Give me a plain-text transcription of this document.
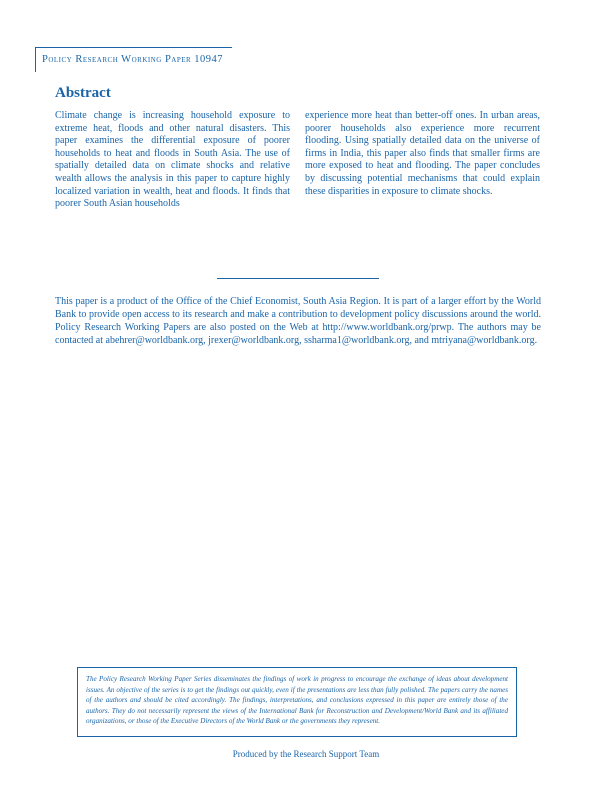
Policy Research Working Paper 10947
Abstract

Climate change is increasing household exposure to extreme heat, floods and other natural disasters. This paper examines the differential exposure of poorer households to heat and floods in South Asia. The use of spatially detailed data on climate shocks and relative wealth allows the analysis in this paper to capture highly localized variation in wealth, heat and floods. It finds that poorer South Asian households

experience more heat than better-off ones. In urban areas, poorer households also experience more recurrent flooding. Using spatially detailed data on the universe of firms in India, this paper also finds that smaller firms are more exposed to heat and flooding. The paper concludes by discussing potential mechanisms that could explain these disparities in exposure to climate shocks.

This paper is a product of the Office of the Chief Economist, South Asia Region. It is part of a larger effort by the World Bank to provide open access to its research and make a contribution to development policy discussions around the world. Policy Research Working Papers are also posted on the Web at http://www.worldbank.org/prwp. The authors may be contacted at abehrer@worldbank.org, jrexer@worldbank.org, ssharma1@worldbank.org, and mtriyana@worldbank.org.

The Policy Research Working Paper Series disseminates the findings of work in progress to encourage the exchange of ideas about development issues. An objective of the series is to get the findings out quickly, even if the presentations are less than fully polished. The papers carry the names of the authors and should be cited accordingly. The findings, interpretations, and conclusions expressed in this paper are entirely those of the authors. They do not necessarily represent the views of the International Bank for Reconstruction and Development/World Bank and its affiliated organizations, or those of the Executive Directors of the World Bank or the governments they represent.

Produced by the Research Support Team
